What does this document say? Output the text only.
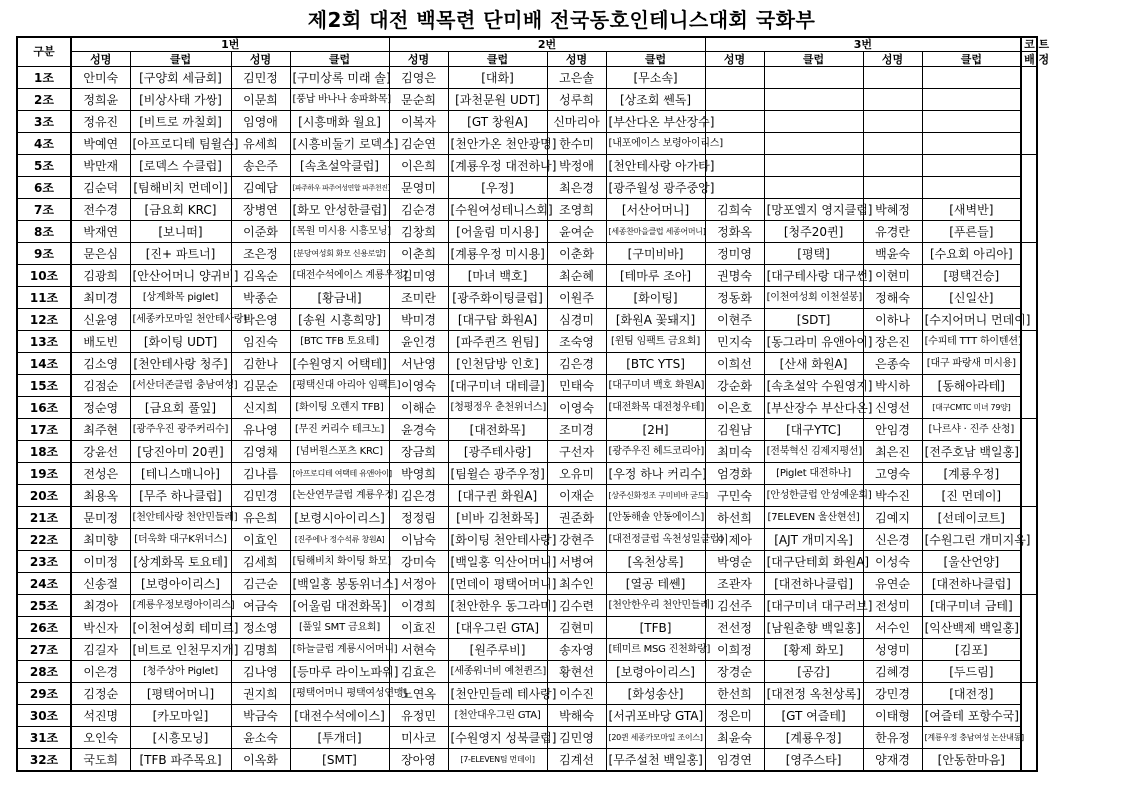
제2회 대전 백목련 단미배 전국동호인테니스대회 국화부
구분	1번				2번				3번				코 트
	성명	클럽	성명	클럽	성명	클럽	성명	클럽	성명	클럽	성명	클럽	배 정
1조	안미숙	[구양회 세금회]	김민정	[구미상록 미래 솔]	김영은	[대화]	고은솔	[무소속]					
2조	정희윤	[비상사태 가쌍]	이문희	[풍납 바나나 송파화목]	문순희	[과천문원 UDT]	성루희	[상조회 쎈독]					
3조	정유진	[비트로 까칠회]	임영애	[시흥매화 월요]	이복자	[GT 창원A]	신마리아	[부산다온 부산장수]					
4조	박예연	[아프로디테 팀윌슨]	유세희	[시흥비둘기 로덱스]	김순연	[천안가온 천안광명]	한수미	[내포에이스 보령아이리스]					
5조	박만재	[로덱스 수클럽]	송은주	[속초설악클럽]	이은희	[계룡우정 대전하나]	박정애	[천안테사랑 아가타]					
6조	김순덕	[팀해비치 먼데이]	김예담	[파주하우 파주여성연합 파주천진]	문영미	[우정]	최은경	[광주월성 광주중앙]					
7조	전수경	[금요회 KRC]	장병연	[화모 안성한클럽]	김순경	[수원여성테니스회]	조영희	[서산어머니]	김희숙	[망포엘지 영지클럽]	박혜정	[새벽반]	
8조	박재연	[보니떠]	이준화	[목원 미시용 시흥모닝]	김창희	[어울림 미시용]	윤여순	[세종찬마을클럽 세종어머니]	정화옥	[청주20퀸]	유경란	[푸른들]	
9조	문은심	[진+ 파트너]	조은정	[분당여성회 화모 신용로얄]	이춘희	[계룡우정 미시용]	이춘화	[구미비바]	정미영	[평택]	백윤숙	[수요회 아리아]	
10조	김광희	[안산어머니 양귀비]	김옥순	[대전수석에이스 계룡우정]	김미영	[마녀 백호]	최순혜	[테마루 조아]	권명숙	[대구테사랑 대구썬]	이현미	[평택건승]	
11조	최미경	[상계화목 piglet]	박종순	[황금내]	조미란	[광주화이팅클럽]	이원주	[화이팅]	정동화	[이천여성회 이천설봉]	정해숙	[신일산]	
12조	신윤영	[세종카모마일 천안테사랑]	박은영	[송원 시흥희망]	박미경	[대구탑 화원A]	심경미	[화원A 꽃돼지]	이현주	[SDT]	이하나	[수지어머니 먼데이]	
13조	배도빈	[화이팅 UDT]	임진숙	[BTC TFB 토요테]	윤인경	[파주퀸즈 윈팀]	조숙영	[윈팀 임팩트 금요회]	민지숙	[동그라미 유앤아이]	장은진	[수피테 TTT 하이텐션]	
14조	김소영	[천안테사랑 청주]	김한나	[수원영지 어택테]	서난영	[인천담방 인호]	김은경	[BTC YTS]	이희선	[산새 화원A]	은종숙	[대구 파랑새 미시용]	
15조	김점순	[서산더존클럽 충남여성]	김문순	[평택신대 아리아 임팩트]	이영숙	[대구미녀 대테클]	민태숙	[대구미녀 백호 화원A]	강순화	[속초설악 수원영지]	박시하	[동해아라테]	
16조	정순영	[금요회 풀잎]	신지희	[화이팅 오렌지 TFB]	이해순	[청평정우 춘천위너스]	이영숙	[대전화목 대전청우테]	이은호	[부산장수 부산다온]	신영선	[대구CMTC 미녀 79양]	
17조	최주현	[광주우진 광주커리수]	유나영	[무진 커리수 테크노]	윤경숙	[대전화목]	조미경	[2H]	김원남	[대구YTC]	안임경	[나르샤 · 진주 산청]	
18조	강윤선	[당진아미 20퀸]	김영채	[넘버원스포츠 KRC]	장금희	[광주테사랑]	구선자	[광주우진 헤드코리아]	최미숙	[전북혁신 김제지평선]	최은진	[전주호남 백일홍]	
19조	전성은	[테니스매니아]	김나름	[아프로디테 여택테 유앤아이]	박영희	[팀윌슨 광주우정]	오유미	[우정 하나 커리수]	엄경화	[Piglet 대전하나]	고영숙	[계룡우정]	
20조	최용옥	[무주 하나클럽]	김민경	[논산연무클럽 계룡우정]	김은경	[대구퀸 화원A]	이재순	[상주신화정조 구미비바 굳드]	구민숙	[안성한클럽 안성예운회]	박수진	[진 먼데이]	
21조	문미정	[천안테사랑 천안민들레]	유은희	[보령시아이리스]	정정림	[비바 김천화목]	권준화	[안동해솔 안동에이스]	하선희	[7ELEVEN 울산현선]	김예지	[선데이코트]	
22조	최미향	[더욱화 대구K위너스]	이효인	[진주에나 정수석류 창원A]	이남숙	[화이팅 천안테사랑]	강현주	[대전정클럽 옥천성일클럽]	이제아	[AJT 개미지옥]	신은경	[수원그린 개미지옥]	
23조	이미정	[상계화목 토요테]	김세희	[팀해비치 화이팅 화모]	강미숙	[백일홍 익산어머니]	서병여	[옥천상록]	박영순	[대구단테회 화원A]	이성숙	[울산언양]	
24조	신송절	[보령아이리스]	김근순	[백일홍 봉동위너스]	서정아	[먼데이 평택어머니]	최수인	[열공 테쎈]	조관자	[대전하나클럽]	유연순	[대전하나클럽]	
25조	최경아	[계룡우정보령아이리스]	여금숙	[어울림 대전화목]	이경희	[천안한우 동그라미]	김수련	[천안한우리 천안민들레]	김선주	[대구미녀 대구러브]	전성미	[대구미녀 금테]	
26조	박신자	[이천여성회 테미르]	정소영	[풀잎 SMT 금요회]	이효진	[대우그린 GTA]	김현미	[TFB]	전선정	[남원춘향 백일홍]	서수인	[익산백제 백일홍]	
27조	김길자	[비트로 인천무지개]	김명희	[하늘클럽 계룡시어머니]	서현숙	[원주루비]	송자영	[테미르 MSG 진천화랑]	이희정	[황제 화모]	성영미	[김포]	
28조	이은경	[청주상아 Piglet]	김나영	[등마루 라이노파워]	김효은	[세종워너비 예천퀸즈]	황현선	[보령아이리스]	장경순	[공감]	김혜경	[두드림]	
29조	김정순	[평택어머니]	권지희	[평택어머니 평택여성연맹]	노연옥	[천안민들레 테사랑]	이수진	[화성송산]	한선희	[대전정 옥천상록]	강민경	[대전정]	
30조	석진명	[카모마일]	박금숙	[대전수석에이스]	유정민	[천안대우그린 GTA]	박해숙	[서귀포바당 GTA]	정은미	[GT 여즐테]	이태형	[여즐테 포항수국]	
31조	오인숙	[시흥모닝]	윤소숙	[투개더]	미사코	[수원영지 성북클럽]	김민영	[20퀸 세종카모마일 조이스]	최윤숙	[계룡우정]	한유정	[계룡우정 충남여성 논산내동]	
32조	국도희	[TFB 파주목요]	이옥화	[SMT]	장아영	[7-ELEVEN팀 먼데이]	김계선	[무주설천 백일홍]	임경연	[영주스타]	양재경	[안동한마음]	
